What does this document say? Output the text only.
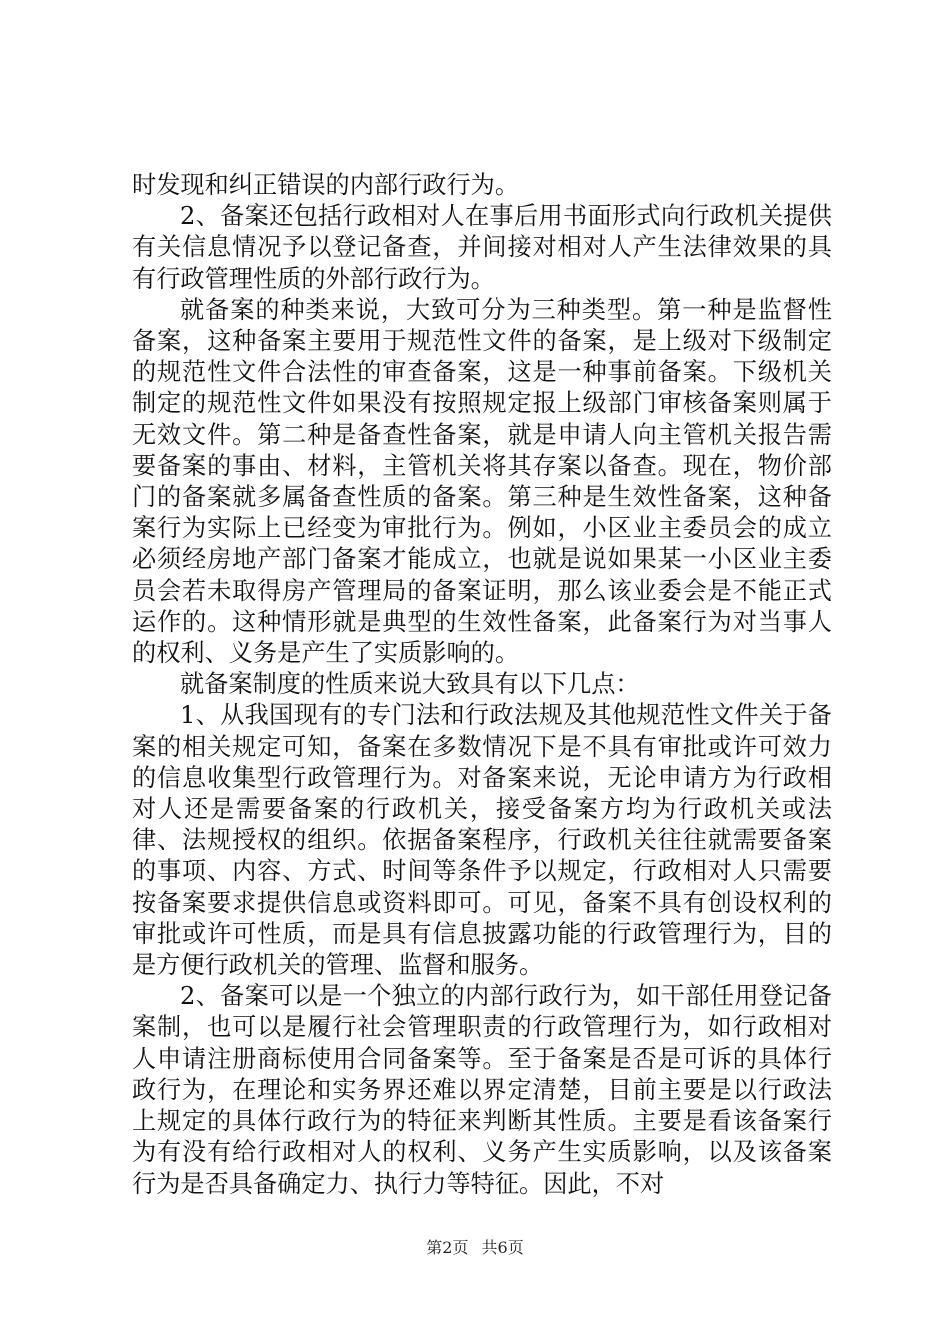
时发现和纠正错误的内部行政行为。

2、备案还包括行政相对人在事后用书面形式向行政机关提供有关信息情况予以登记备查，并间接对相对人产生法律效果的具有行政管理性质的外部行政行为。

就备案的种类来说，大致可分为三种类型。第一种是监督性备案，这种备案主要用于规范性文件的备案，是上级对下级制定的规范性文件合法性的审查备案，这是一种事前备案。下级机关制定的规范性文件如果没有按照规定报上级部门审核备案则属于无效文件。第二种是备查性备案，就是申请人向主管机关报告需要备案的事由、材料，主管机关将其存案以备查。现在，物价部门的备案就多属备查性质的备案。第三种是生效性备案，这种备案行为实际上已经变为审批行为。例如，小区业主委员会的成立必须经房地产部门备案才能成立，也就是说如果某一小区业主委员会若未取得房产管理局的备案证明，那么该业委会是不能正式运作的。这种情形就是典型的生效性备案，此备案行为对当事人的权利、义务是产生了实质影响的。

就备案制度的性质来说大致具有以下几点：

1、从我国现有的专门法和行政法规及其他规范性文件关于备案的相关规定可知，备案在多数情况下是不具有审批或许可效力的信息收集型行政管理行为。对备案来说，无论申请方为行政相对人还是需要备案的行政机关，接受备案方均为行政机关或法律、法规授权的组织。依据备案程序，行政机关往往就需要备案的事项、内容、方式、时间等条件予以规定，行政相对人只需要按备案要求提供信息或资料即可。可见，备案不具有创设权利的审批或许可性质，而是具有信息披露功能的行政管理行为，目的是方便行政机关的管理、监督和服务。

2、备案可以是一个独立的内部行政行为，如干部任用登记备案制，也可以是履行社会管理职责的行政管理行为，如行政相对人申请注册商标使用合同备案等。至于备案是否是可诉的具体行政行为，在理论和实务界还难以界定清楚，目前主要是以行政法上规定的具体行政行为的特征来判断其性质。主要是看该备案行为有没有给行政相对人的权利、义务产生实质影响，以及该备案行为是否具备确定力、执行力等特征。因此，不对

第2页 共6页
